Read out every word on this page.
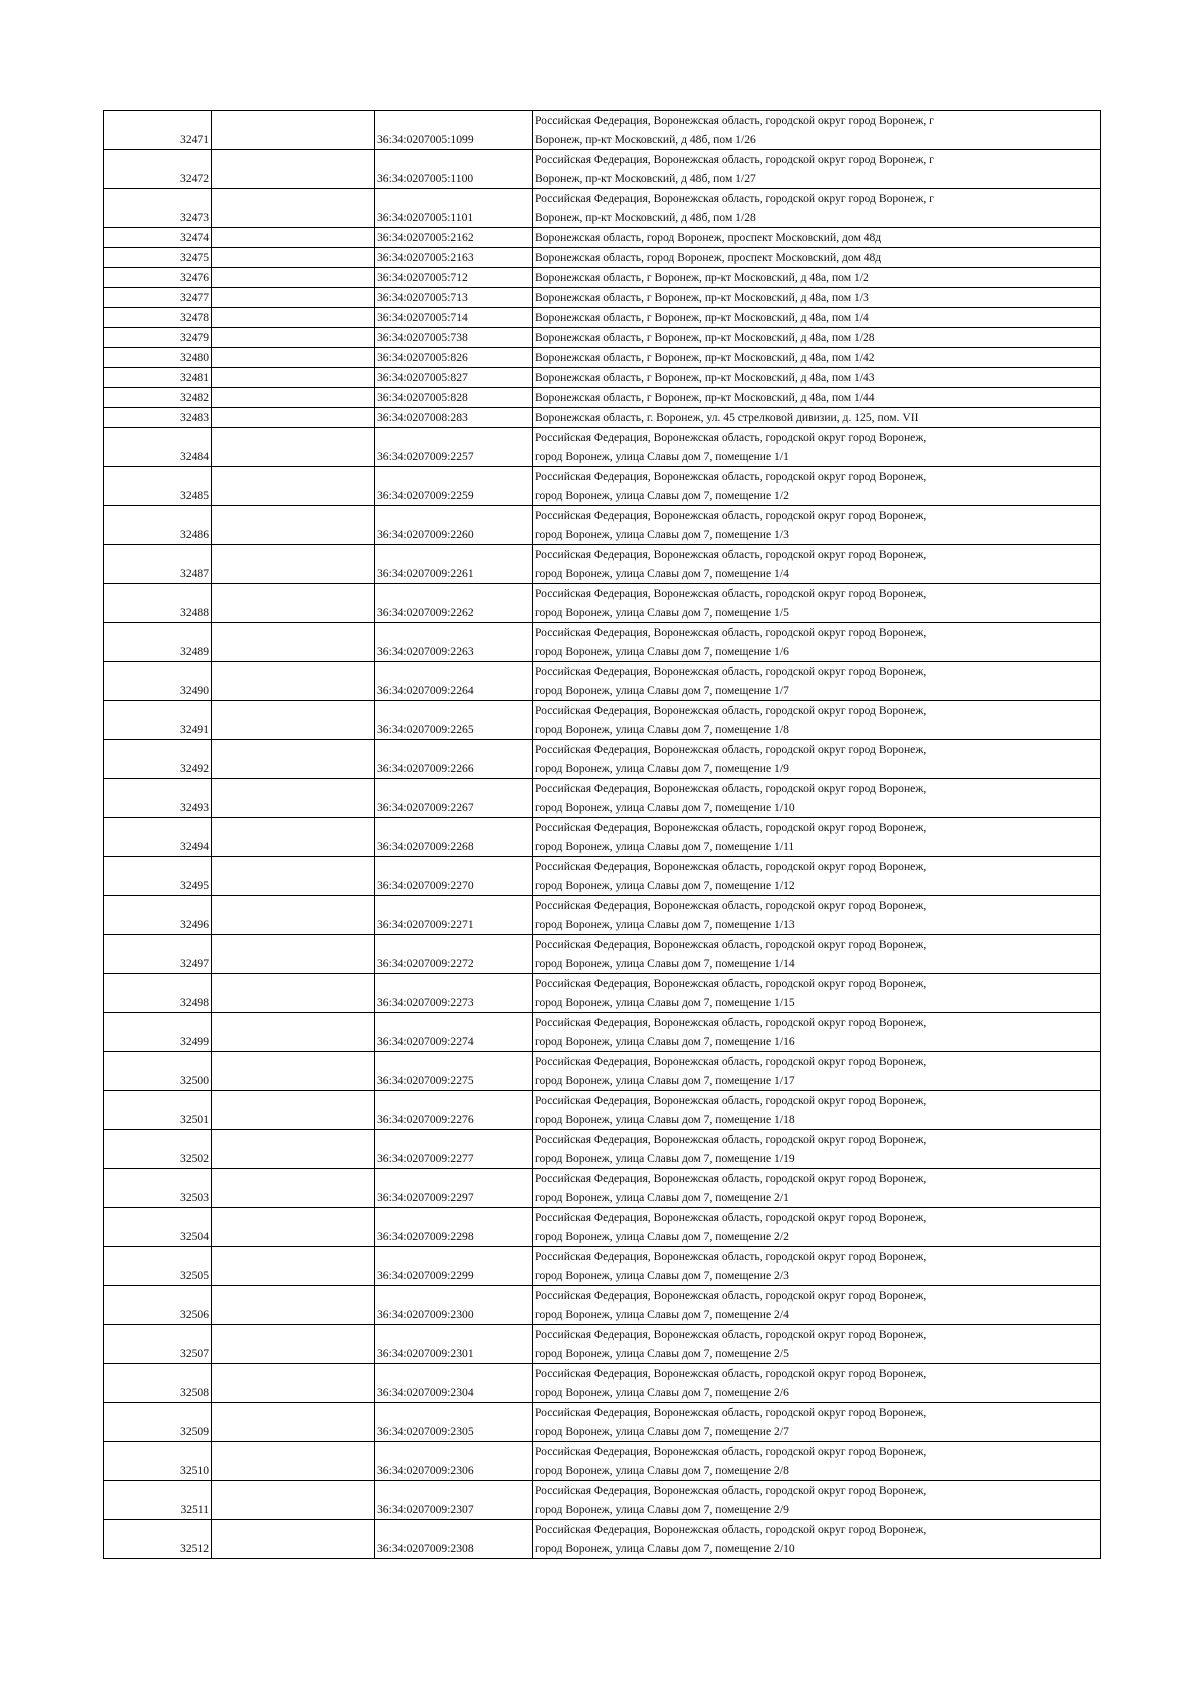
32471		36:34:0207005:1099	Российская Федерация, Воронежская область, городской округ город Воронеж, г
Воронеж, пр-кт Московский, д 48б, пом 1/26

32472		36:34:0207005:1100	Российская Федерация, Воронежская область, городской округ город Воронеж, г
Воронеж, пр-кт Московский, д 48б, пом 1/27

32473		36:34:0207005:1101	Российская Федерация, Воронежская область, городской округ город Воронеж, г
Воронеж, пр-кт Московский, д 48б, пом 1/28

32474		36:34:0207005:2162	Воронежская область, город Воронеж, проспект Московский, дом 48д

32475		36:34:0207005:2163	Воронежская область, город Воронеж, проспект Московский, дом 48д

32476		36:34:0207005:712	Воронежская область, г Воронеж, пр-кт Московский, д 48а, пом 1/2

32477		36:34:0207005:713	Воронежская область, г Воронеж, пр-кт Московский, д 48а, пом 1/3

32478		36:34:0207005:714	Воронежская область, г Воронеж, пр-кт Московский, д 48а, пом 1/4

32479		36:34:0207005:738	Воронежская область, г Воронеж, пр-кт Московский, д 48а, пом 1/28

32480		36:34:0207005:826	Воронежская область, г Воронеж, пр-кт Московский, д 48а, пом 1/42

32481		36:34:0207005:827	Воронежская область, г Воронеж, пр-кт Московский, д 48а, пом 1/43

32482		36:34:0207005:828	Воронежская область, г Воронеж, пр-кт Московский, д 48а, пом 1/44

32483		36:34:0207008:283	Воронежская область, г. Воронеж, ул. 45 стрелковой дивизии, д. 125, пом. VII

32484		36:34:0207009:2257	Российская Федерация, Воронежская область, городской округ город Воронеж,
город Воронеж, улица Славы дом 7, помещение 1/1

32485		36:34:0207009:2259	Российская Федерация, Воронежская область, городской округ город Воронеж,
город Воронеж, улица Славы дом 7, помещение 1/2

32486		36:34:0207009:2260	Российская Федерация, Воронежская область, городской округ город Воронеж,
город Воронеж, улица Славы дом 7, помещение 1/3

32487		36:34:0207009:2261	Российская Федерация, Воронежская область, городской округ город Воронеж,
город Воронеж, улица Славы дом 7, помещение 1/4

32488		36:34:0207009:2262	Российская Федерация, Воронежская область, городской округ город Воронеж,
город Воронеж, улица Славы дом 7, помещение 1/5

32489		36:34:0207009:2263	Российская Федерация, Воронежская область, городской округ город Воронеж,
город Воронеж, улица Славы дом 7, помещение 1/6

32490		36:34:0207009:2264	Российская Федерация, Воронежская область, городской округ город Воронеж,
город Воронеж, улица Славы дом 7, помещение 1/7

32491		36:34:0207009:2265	Российская Федерация, Воронежская область, городской округ город Воронеж,
город Воронеж, улица Славы дом 7, помещение 1/8

32492		36:34:0207009:2266	Российская Федерация, Воронежская область, городской округ город Воронеж,
город Воронеж, улица Славы дом 7, помещение 1/9

32493		36:34:0207009:2267	Российская Федерация, Воронежская область, городской округ город Воронеж,
город Воронеж, улица Славы дом 7, помещение 1/10

32494		36:34:0207009:2268	Российская Федерация, Воронежская область, городской округ город Воронеж,
город Воронеж, улица Славы дом 7, помещение 1/11

32495		36:34:0207009:2270	Российская Федерация, Воронежская область, городской округ город Воронеж,
город Воронеж, улица Славы дом 7, помещение 1/12

32496		36:34:0207009:2271	Российская Федерация, Воронежская область, городской округ город Воронеж,
город Воронеж, улица Славы дом 7, помещение 1/13

32497		36:34:0207009:2272	Российская Федерация, Воронежская область, городской округ город Воронеж,
город Воронеж, улица Славы дом 7, помещение 1/14

32498		36:34:0207009:2273	Российская Федерация, Воронежская область, городской округ город Воронеж,
город Воронеж, улица Славы дом 7, помещение 1/15

32499		36:34:0207009:2274	Российская Федерация, Воронежская область, городской округ город Воронеж,
город Воронеж, улица Славы дом 7, помещение 1/16

32500		36:34:0207009:2275	Российская Федерация, Воронежская область, городской округ город Воронеж,
город Воронеж, улица Славы дом 7, помещение 1/17

32501		36:34:0207009:2276	Российская Федерация, Воронежская область, городской округ город Воронеж,
город Воронеж, улица Славы дом 7, помещение 1/18

32502		36:34:0207009:2277	Российская Федерация, Воронежская область, городской округ город Воронеж,
город Воронеж, улица Славы дом 7, помещение 1/19

32503		36:34:0207009:2297	Российская Федерация, Воронежская область, городской округ город Воронеж,
город Воронеж, улица Славы дом 7, помещение 2/1

32504		36:34:0207009:2298	Российская Федерация, Воронежская область, городской округ город Воронеж,
город Воронеж, улица Славы дом 7, помещение 2/2

32505		36:34:0207009:2299	Российская Федерация, Воронежская область, городской округ город Воронеж,
город Воронеж, улица Славы дом 7, помещение 2/3

32506		36:34:0207009:2300	Российская Федерация, Воронежская область, городской округ город Воронеж,
город Воронеж, улица Славы дом 7, помещение 2/4

32507		36:34:0207009:2301	Российская Федерация, Воронежская область, городской округ город Воронеж,
город Воронеж, улица Славы дом 7, помещение 2/5

32508		36:34:0207009:2304	Российская Федерация, Воронежская область, городской округ город Воронеж,
город Воронеж, улица Славы дом 7, помещение 2/6

32509		36:34:0207009:2305	Российская Федерация, Воронежская область, городской округ город Воронеж,
город Воронеж, улица Славы дом 7, помещение 2/7

32510		36:34:0207009:2306	Российская Федерация, Воронежская область, городской округ город Воронеж,
город Воронеж, улица Славы дом 7, помещение 2/8

32511		36:34:0207009:2307	Российская Федерация, Воронежская область, городской округ город Воронеж,
город Воронеж, улица Славы дом 7, помещение 2/9

32512		36:34:0207009:2308	Российская Федерация, Воронежская область, городской округ город Воронеж,
город Воронеж, улица Славы дом 7, помещение 2/10
